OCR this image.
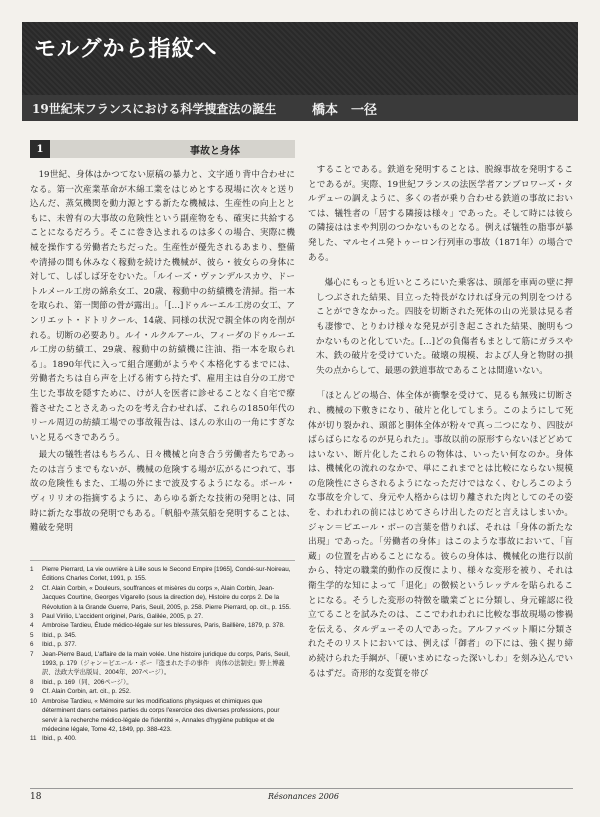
モルグから指紋へ
19世紀末フランスにおける科学捜査法の誕生	橋本　一径
1	事故と身体

19世紀、身体はかつてない原稿の暴力と、文字通り背中合わせになる。第一次産業革命が木綿工業をはじめとする現場に次々と送り込んだ、蒸気機関を動力源とする新たな機械は、生産性の向上とともに、未曾有の大事故の危険性という副産物をも、確実に共給することになるだろう。そこに巻き込まれるのは多くの場合、実際に機械を操作する労働者たちだった。生産性が優先されるあまり、整備や清掃の間も休みなく稼動を続けた機械が、彼ら・彼女らの身体に対して、しばしば牙をむいた。「ルイーズ・ヴァンデルスカウ、ドートルメール工房の綿糸女工、20歳、稼動中の紡績機を清掃。指一本を取られ、第一関節の骨が露出」。「[…]ドゥルーエル工房の女工、アンリエット・ドトリクール、14歳、同様の状況で親全体の肉を削がれる。切断の必要あり。ルイ・ルクルアール、フィーダのドゥルーエル工房の紡績工、29歳、稼動中の紡績機に注油、指一本を取られる」。1890年代に入って組合運動がようやく本格化するまでには、労働者たちは自ら声を上げる術すら持たず、雇用主は自分の工房で生じた事故を隠すために、けが人を医者に診せることなく自宅で療養させたことさえあったのを考え合わせれば、これらの1850年代のリール周辺の紡績工場での事故報告は、ほんの氷山の一角にすぎないと見るべきであろう。

最大の犠牲者はもちろん、日々機械と向き合う労働者たちであったのは言うまでもないが、機械の危険する場が広がるにつれて、事故の危険性もまた、工場の外にまで波及するようになる。ポール・ヴィリリオの指摘するように、あらゆる新たな技術の発明とは、同時に新たな事故の発明でもある。「帆船や蒸気船を発明することは、難破を発明

1	Pierre Pierrard, La vie ouvrière à Lille sous le Second Empire [1965], Condé-sur-Noireau, Éditions Charles Corlet, 1991, p. 155.
2	Cf. Alain Corbin, « Douleurs, souffrances et misères du corps », Alain Corbin, Jean-Jacques Courtine, Georges Vigarello (sous la direction de), Histoire du corps 2. De la Révolution à la Grande Guerre, Paris, Seuil, 2005, p. 258. Pierre Pierrard, op. cit., p. 155.
3	Paul Virilio, L'accident originel, Paris, Galilée, 2005, p. 27.
4	Ambroise Tardieu, Étude médico-légale sur les blessures, Paris, Baillière, 1879, p. 378.
5	Ibid., p. 345.
6	Ibid., p. 377.
7	Jean-Pierre Baud, L'affaire de la main volée. Une histoire juridique du corps, Paris, Seuil, 1993, p. 179（ジャン＝ピエール・ボー『盗まれた手の事件　肉体の法制史』野上博義訳、法政大学出版局、2004年、207ページ）。
8	Ibid., p. 169（同、206ページ）。
9	Cf. Alain Corbin, art. cit., p. 252.
10 Ambroise Tardieu, « Mémoire sur les modifications physiques et chimiques que déterminent dans certaines parties du corps l'exercice des diverses professions, pour servir à la recherche médico-légale de l'identité », Annales d'hygiène publique et de médecine légale, Tome 42, 1849, pp. 388-423.
11 Ibid., p. 400.

することである。鉄道を発明することは、脱線事故を発明することであるが。実際、19世紀フランスの法医学者アンブロワーズ・タルデューの調えように、多くの者が乗り合わせる鉄道の事故においては、犠牲者の「居する隣接は様々」であった。そして時には彼らの隣接ははまや判別のつかないものとなる。例えば犠牲の脂事が暴発した、マルセイユ発トゥーロン行列車の事故（1871年）の場合である。

爆心にもっとも近いところにいた乗客は、頭部を車両の壁に押しつぶされた結果、目立った特長がなければ身元の判別をつけることができなかった。四肢を切断された死体の山の光景は見る者も凄惨で、とりわけ様々な発見が引き起こされた結果、腕明もつかないものと化していた。[…]どの負傷者もまとして筋にガラスや木、鉄の破片を受けていた。破壊の規模、および人身と物財の損失の点からして、最悪の鉄道事故であることは間違いない。

「ほとんどの場合、体全体が衝撃を受けて、見るも無残に切断され、機械の下敷きになり、破片と化してしまう。このようにして死体が切り裂かれ、頭部と胴体全体が粉々で真っ二つになり、四肢がばらばらになるのが見られた」。事故以前の原形すらないほどどめてはいない、断片化したこれらの物体は、いったい何なのか。身体は、機械化の流れのなかで、単にこれまでとは比較にならない規模の危険性にさらされるようになっただけではなく、むしろこのような事故を介して、身元や人格からは切り離された肉としてのその姿を、われわれの前にはじめてさらけ出したのだと言えはしまいか。ジャン＝ピエール・ボーの言葉を借りれば、それは「身体の新たな出現」であった。「労働者の身体」はこのような事故において、「盲蔵」の位置を占めることになる。彼らの身体は、機械化の進行以前から、特定の職業的動作の反復により、様々な変形を被り、それは衛生学的な知によって「退化」の徴候というレッテルを貼られることになる。そうした変形の特徴を職業ごとに分類し、身元確認に役立てることを試みたのは、ここでわれわれに比較な事故現場の惨禍を伝える、タルデューその人であった。アルファベット順に分類されたそのリストにおいては、例えば「御者」の下には、強く握り締め続けられた手綱が、「硬いまめになった深いしわ」を刻み込んでいるはずだ。奇形的な変質を帯び

18	Résonances 2006
